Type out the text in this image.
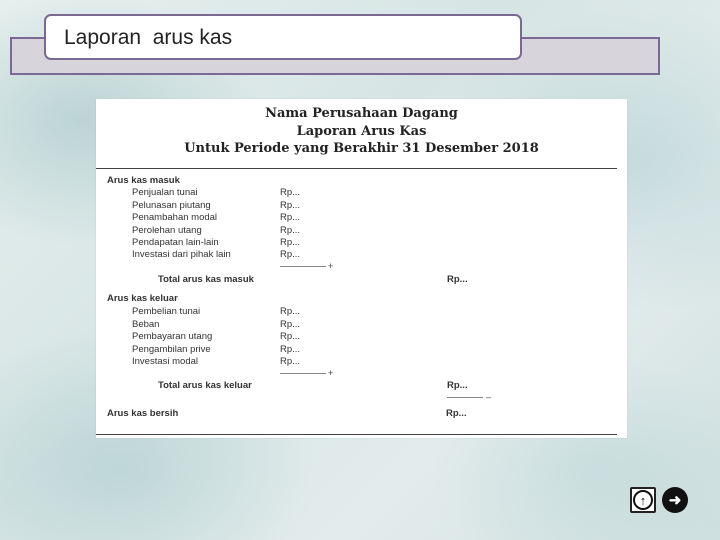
Laporan  arus kas
Nama Perusahaan Dagang
Laporan Arus Kas
Untuk Periode yang Berakhir 31 Desember 2018
Arus kas masuk
Penjualan tunai	Rp...
Pelunasan piutang	Rp...
Penambahan modal	Rp...
Perolehan utang	Rp...
Pendapatan lain-lain	Rp...
Investasi dari pihak lain	Rp...
+
Total arus kas masuk	Rp...
Arus kas keluar
Pembelian tunai	Rp...
Beban	Rp...
Pembayaran utang	Rp...
Pengambilan prive	Rp...
Investasi modal	Rp...
+
Total arus kas keluar	Rp...
_
Arus kas bersih	Rp...
↑	➜
